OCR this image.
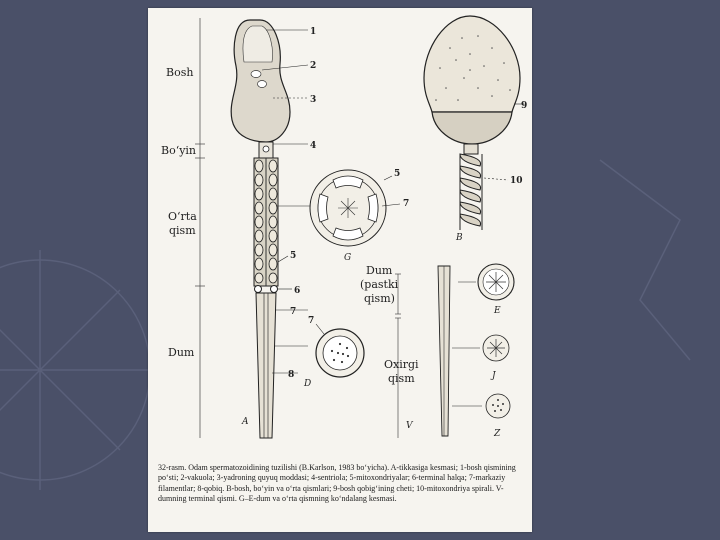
Bosh
Bo‘yin
O‘rta
qism
Dum
1
2
3
4
5
6
7
8
A
5
7
G
7
D
9
10
B
Dum
(pastki
qism)
Oxirgi
qism
V
E
J
Z

32-rasm. Odam spermatozoidining tuzilishi (B.Karlson, 1983 bo‘yicha). A-tikkasiga kesmasi; 1-bosh qismining po‘sti; 2-vakuola; 3-yadroning quyuq moddasi; 4-sentriola; 5-mitoxondriyalar; 6-terminal halqa; 7-markaziy filamentlar; 8-qobiq. B-bosh, bo‘yin va o‘rta qismlari; 9-bosh qobig‘ining cheti; 10-mitoxondriya spirali. V-dumning terminal qismi. G–E-dum va o‘rta qismning ko‘ndalang kesmasi.
